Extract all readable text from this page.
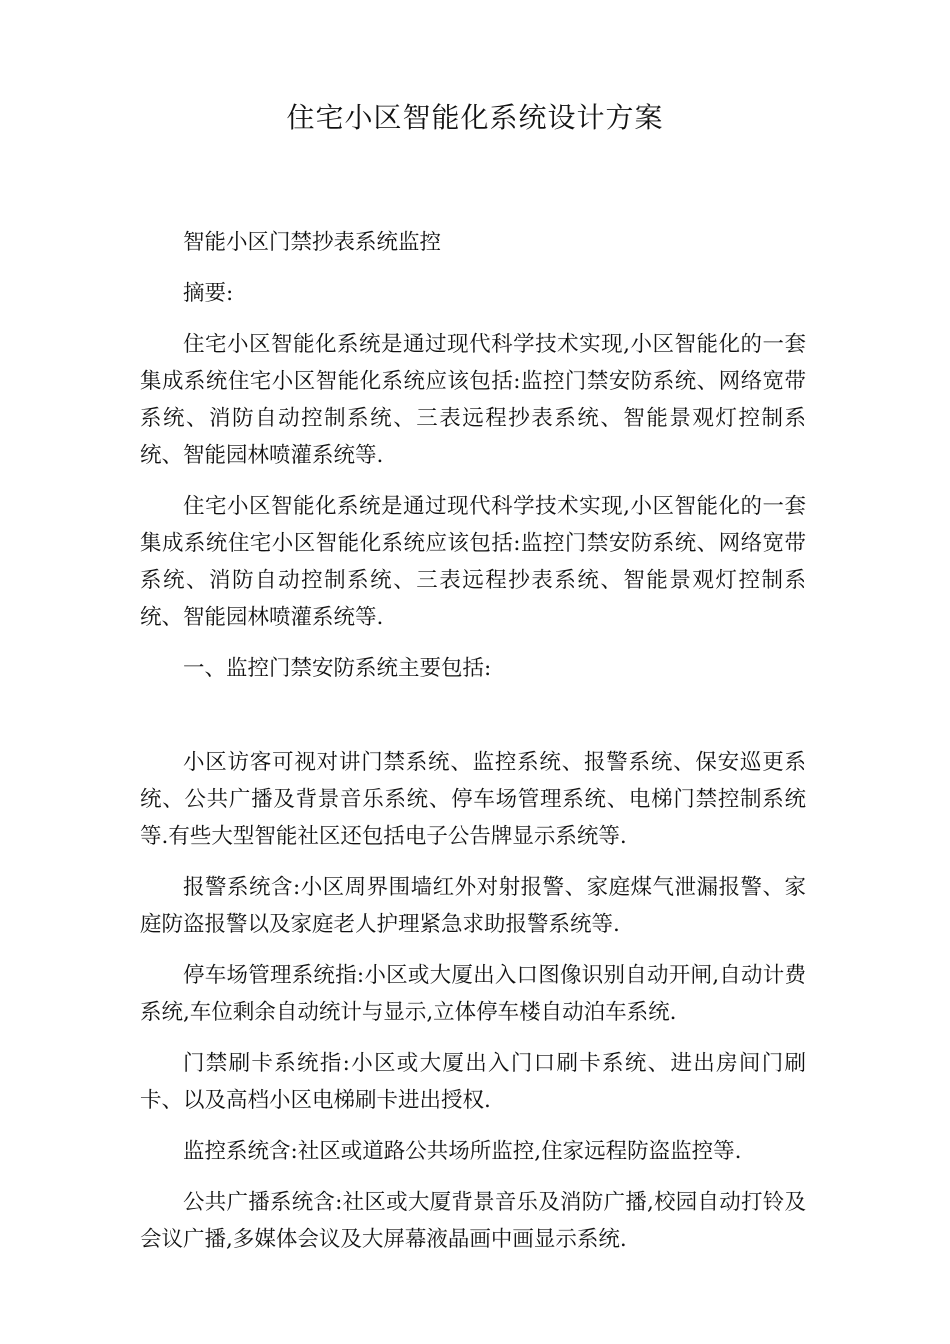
住宅小区智能化系统设计方案

智能小区门禁抄表系统监控

摘要:

住宅小区智能化系统是通过现代科学技术实现,小区智能化的一套集成系统住宅小区智能化系统应该包括:监控门禁安防系统、网络宽带系统、消防自动控制系统、三表远程抄表系统、智能景观灯控制系统、智能园林喷灌系统等.

住宅小区智能化系统是通过现代科学技术实现,小区智能化的一套集成系统住宅小区智能化系统应该包括:监控门禁安防系统、网络宽带系统、消防自动控制系统、三表远程抄表系统、智能景观灯控制系统、智能园林喷灌系统等.

一、监控门禁安防系统主要包括:

小区访客可视对讲门禁系统、监控系统、报警系统、保安巡更系统、公共广播及背景音乐系统、停车场管理系统、电梯门禁控制系统等.有些大型智能社区还包括电子公告牌显示系统等.

报警系统含:小区周界围墙红外对射报警、家庭煤气泄漏报警、家庭防盗报警以及家庭老人护理紧急求助报警系统等.

停车场管理系统指:小区或大厦出入口图像识别自动开闸,自动计费系统,车位剩余自动统计与显示,立体停车楼自动泊车系统.

门禁刷卡系统指:小区或大厦出入门口刷卡系统、进出房间门刷卡、以及高档小区电梯刷卡进出授权.

监控系统含:社区或道路公共场所监控,住家远程防盗监控等.

公共广播系统含:社区或大厦背景音乐及消防广播,校园自动打铃及会议广播,多媒体会议及大屏幕液晶画中画显示系统.
